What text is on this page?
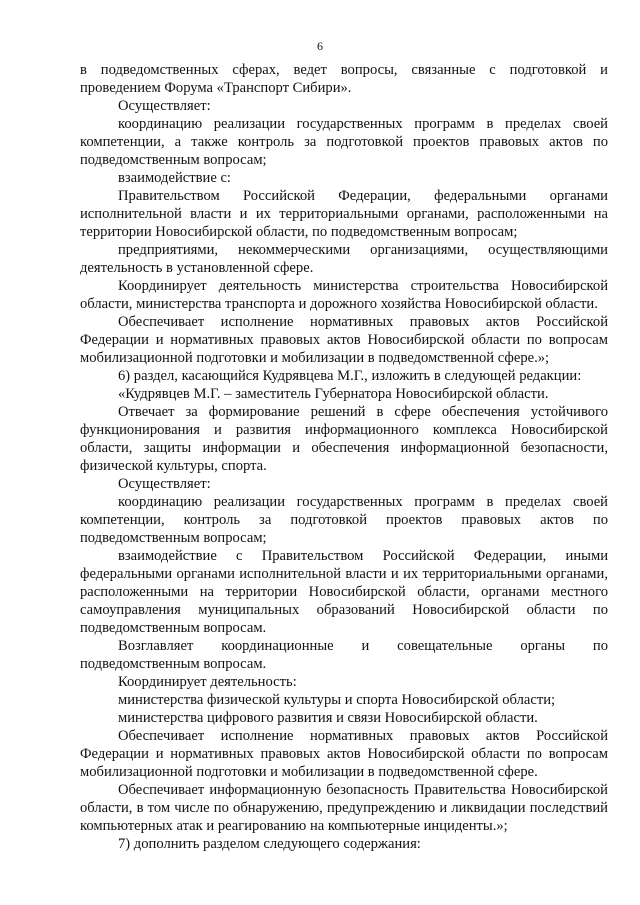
6

в подведомственных сферах, ведет вопросы, связанные с подготовкой и проведением Форума «Транспорт Сибири».

Осуществляет:

координацию реализации государственных программ в пределах своей компетенции, а также контроль за подготовкой проектов правовых актов по подведомственным вопросам;

взаимодействие с:

Правительством Российской Федерации, федеральными органами исполнительной власти и их территориальными органами, расположенными на территории Новосибирской области, по подведомственным вопросам;

предприятиями, некоммерческими организациями, осуществляющими деятельность в установленной сфере.

Координирует деятельность министерства строительства Новосибирской области, министерства транспорта и дорожного хозяйства Новосибирской области.

Обеспечивает исполнение нормативных правовых актов Российской Федерации и нормативных правовых актов Новосибирской области по вопросам мобилизационной подготовки и мобилизации в подведомственной сфере.»;

6) раздел, касающийся Кудрявцева М.Г., изложить в следующей редакции:

«Кудрявцев М.Г. – заместитель Губернатора Новосибирской области.

Отвечает за формирование решений в сфере обеспечения устойчивого функционирования и развития информационного комплекса Новосибирской области, защиты информации и обеспечения информационной безопасности, физической культуры, спорта.

Осуществляет:

координацию реализации государственных программ в пределах своей компетенции, контроль за подготовкой проектов правовых актов по подведомственным вопросам;

взаимодействие с Правительством Российской Федерации, иными федеральными органами исполнительной власти и их территориальными органами, расположенными на территории Новосибирской области, органами местного самоуправления муниципальных образований Новосибирской области по подведомственным вопросам.

Возглавляет координационные и совещательные органы по подведомственным вопросам.

Координирует деятельность:

министерства физической культуры и спорта Новосибирской области;

министерства цифрового развития и связи Новосибирской области.

Обеспечивает исполнение нормативных правовых актов Российской Федерации и нормативных правовых актов Новосибирской области по вопросам мобилизационной подготовки и мобилизации в подведомственной сфере.

Обеспечивает информационную безопасность Правительства Новосибирской области, в том числе по обнаружению, предупреждению и ликвидации последствий компьютерных атак и реагированию на компьютерные инциденты.»;

7) дополнить разделом следующего содержания:
